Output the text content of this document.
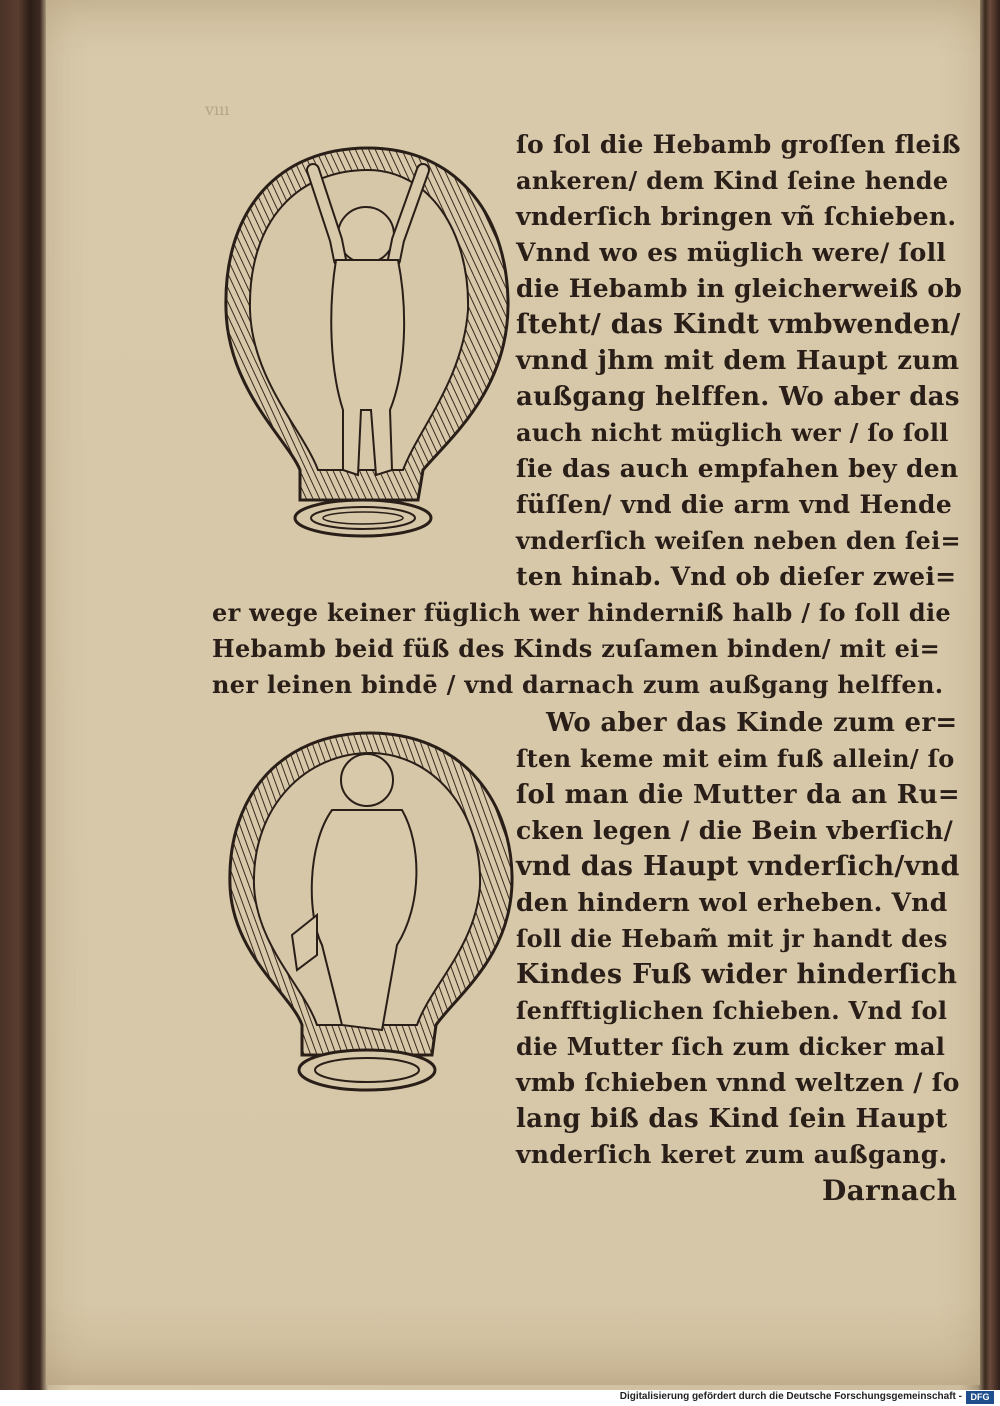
vııı
ſo ſol die Hebamb groſſen fleiß
ankeren/ dem Kind ſeine hende
vnderſich bringen vñ ſchieben.
Vnnd wo es müglich were/ ſoll
die Hebamb in gleicherweiß ob
ſteht/ das Kindt vmbwenden/
vnnd jhm mit dem Haupt zum
außgang helffen. Wo aber das
auch nicht müglich wer / ſo ſoll
ſie das auch empfahen bey den
füſſen/ vnd die arm vnd Hende
vnderſich weiſen neben den ſei=
ten hinab. Vnd ob dieſer zwei=
er wege keiner füglich wer hinderniß halb / ſo ſoll die
Hebamb beid füß des Kinds zuſamen binden/ mit ei=
ner leinen bindē / vnd darnach zum außgang helffen.
Wo aber das Kinde zum er=
ſten keme mit eim fuß allein/ ſo
ſol man die Mutter da an Ru=
cken legen / die Bein vberſich/
vnd das Haupt vnderſich/vnd
den hindern wol erheben. Vnd
ſoll die Hebam̃ mit jr handt des
Kindes Fuß wider hinderſich
ſenfftiglichen ſchieben. Vnd ſol
die Mutter ſich zum dicker mal
vmb ſchieben vnnd weltzen / ſo
lang biß das Kind ſein Haupt
vnderſich keret zum außgang.
Darnach
Digitalisierung gefördert durch die Deutsche Forschungsgemeinschaft - DFG
